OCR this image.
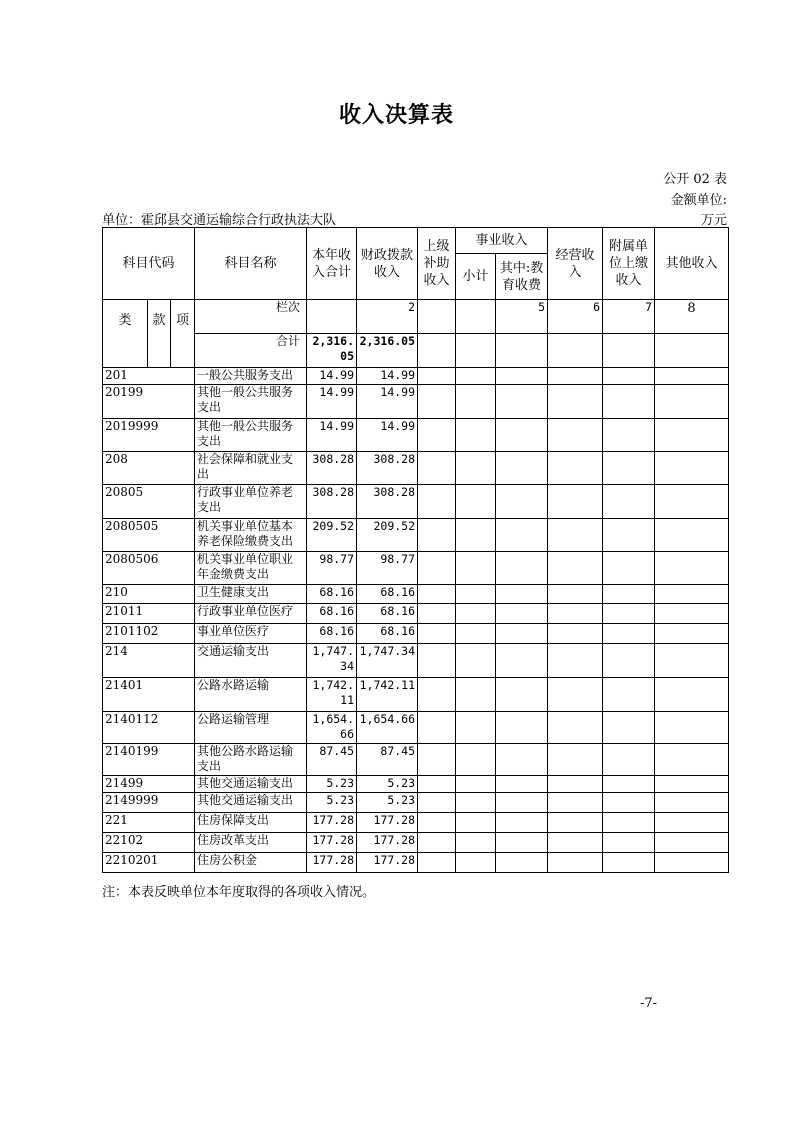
收入决算表
公开 02 表
金额单位:
单位：霍邱县交通运输综合行政执法大队	万元
科目代码			科目名称	本年收入合计	财政拨款收入	上级补助收入	事业收入		经营收入	附属单位上缴收入	其他收入
							小计	其中:教育收费			
类	款	项	栏次		2			5	6	7	8
			合计	2,316.05	2,316.05						
201			一般公共服务支出	14.99	14.99						
20199			其他一般公共服务支出	14.99	14.99						
2019999			其他一般公共服务支出	14.99	14.99						
208			社会保障和就业支出	308.28	308.28						
20805			行政事业单位养老支出	308.28	308.28						
2080505			机关事业单位基本养老保险缴费支出	209.52	209.52						
2080506			机关事业单位职业年金缴费支出	98.77	98.77						
210			卫生健康支出	68.16	68.16						
21011			行政事业单位医疗	68.16	68.16						
2101102			事业单位医疗	68.16	68.16						
214			交通运输支出	1,747.34	1,747.34						
21401			公路水路运输	1,742.11	1,742.11						
2140112			公路运输管理	1,654.66	1,654.66						
2140199			其他公路水路运输支出	87.45	87.45						
21499			其他交通运输支出	5.23	5.23						
2149999			其他交通运输支出	5.23	5.23						
221			住房保障支出	177.28	177.28						
22102			住房改革支出	177.28	177.28						
2210201			住房公积金	177.28	177.28						
注：本表反映单位本年度取得的各项收入情况。
-7-
